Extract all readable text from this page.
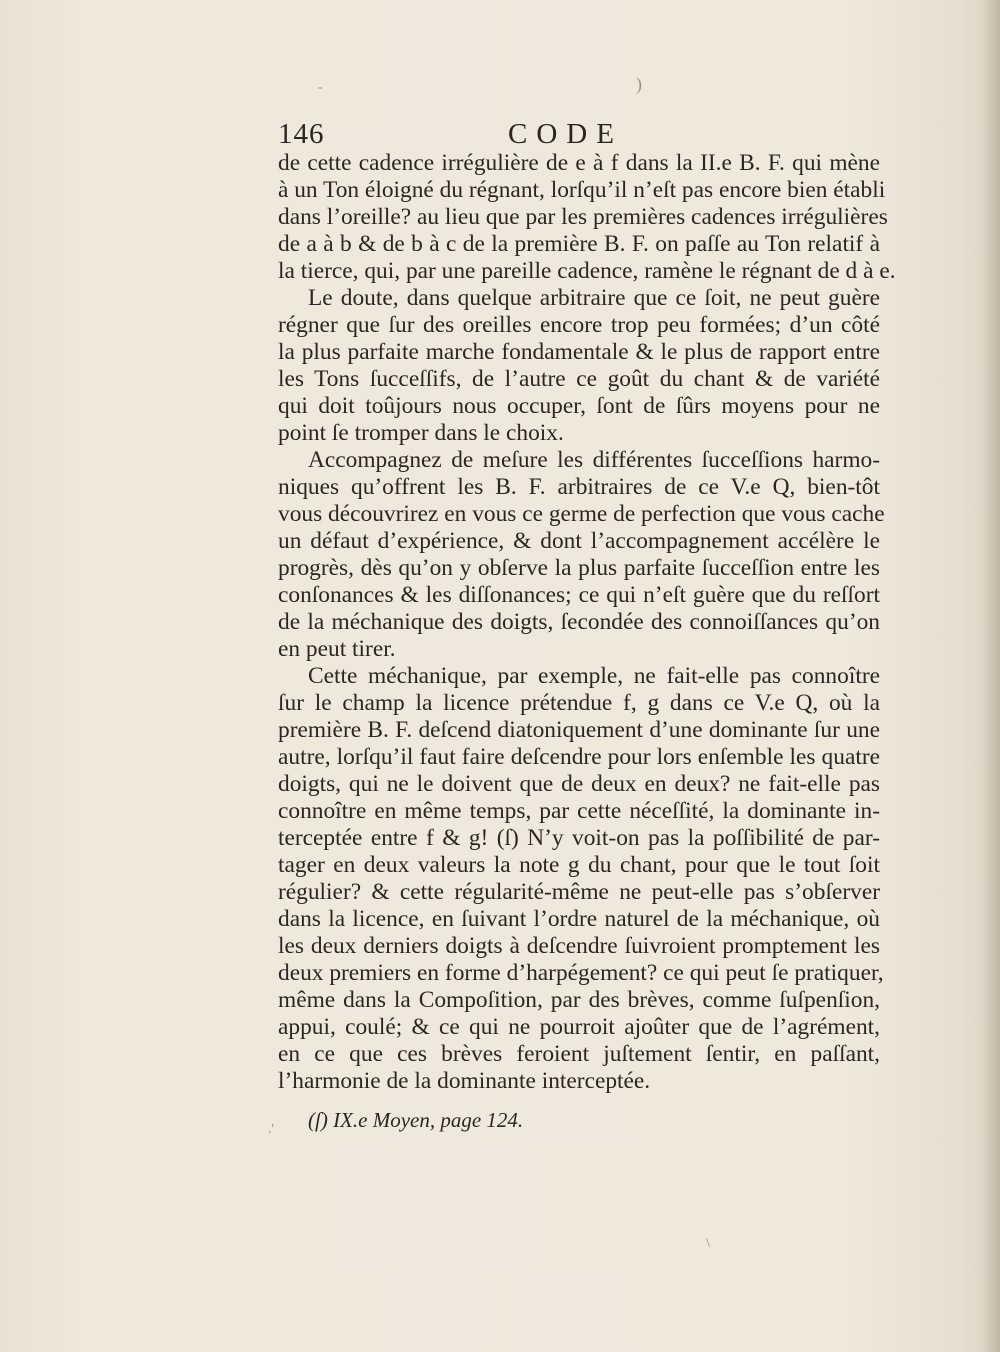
-	)
.'
\
146	CODE
de cette cadence irrégulière de e à f dans la II.e B. F. qui mène
à un Ton éloigné du régnant, lorſqu’il n’eſt pas encore bien établi
dans l’oreille? au lieu que par les premières cadences irrégulières
de a à b & de b à c de la première B. F. on paſſe au Ton relatif à
la tierce, qui, par une pareille cadence, ramène le régnant de d à e.
Le doute, dans quelque arbitraire que ce ſoit, ne peut guère
régner que ſur des oreilles encore trop peu formées; d’un côté
la plus parfaite marche fondamentale & le plus de rapport entre
les Tons ſucceſſifs, de l’autre ce goût du chant & de variété
qui doit toûjours nous occuper, ſont de ſûrs moyens pour ne
point ſe tromper dans le choix.
Accompagnez de meſure les différentes ſucceſſions harmo-
niques qu’offrent les B. F. arbitraires de ce V.e Q, bien-tôt
vous découvrirez en vous ce germe de perfection que vous cache
un défaut d’expérience, & dont l’accompagnement accélère le
progrès, dès qu’on y obſerve la plus parfaite ſucceſſion entre les
conſonances & les diſſonances; ce qui n’eſt guère que du reſſort
de la méchanique des doigts, ſecondée des connoiſſances qu’on
en peut tirer.
Cette méchanique, par exemple, ne fait-elle pas connoître
ſur le champ la licence prétendue f, g dans ce V.e Q, où la
première B. F. deſcend diatoniquement d’une dominante ſur une
autre, lorſqu’il faut faire deſcendre pour lors enſemble les quatre
doigts, qui ne le doivent que de deux en deux? ne fait-elle pas
connoître en même temps, par cette néceſſité, la dominante in-
terceptée entre f & g! (ſ) N’y voit-on pas la poſſibilité de par-
tager en deux valeurs la note g du chant, pour que le tout ſoit
régulier? & cette régularité-même ne peut-elle pas s’obſerver
dans la licence, en ſuivant l’ordre naturel de la méchanique, où
les deux derniers doigts à deſcendre ſuivroient promptement les
deux premiers en forme d’harpégement? ce qui peut ſe pratiquer,
même dans la Compoſition, par des brèves, comme ſuſpenſion,
appui, coulé; & ce qui ne pourroit ajoûter que de l’agrément,
en ce que ces brèves feroient juſtement ſentir, en paſſant,
l’harmonie de la dominante interceptée.
(ſ) IX.e Moyen, page 124.
